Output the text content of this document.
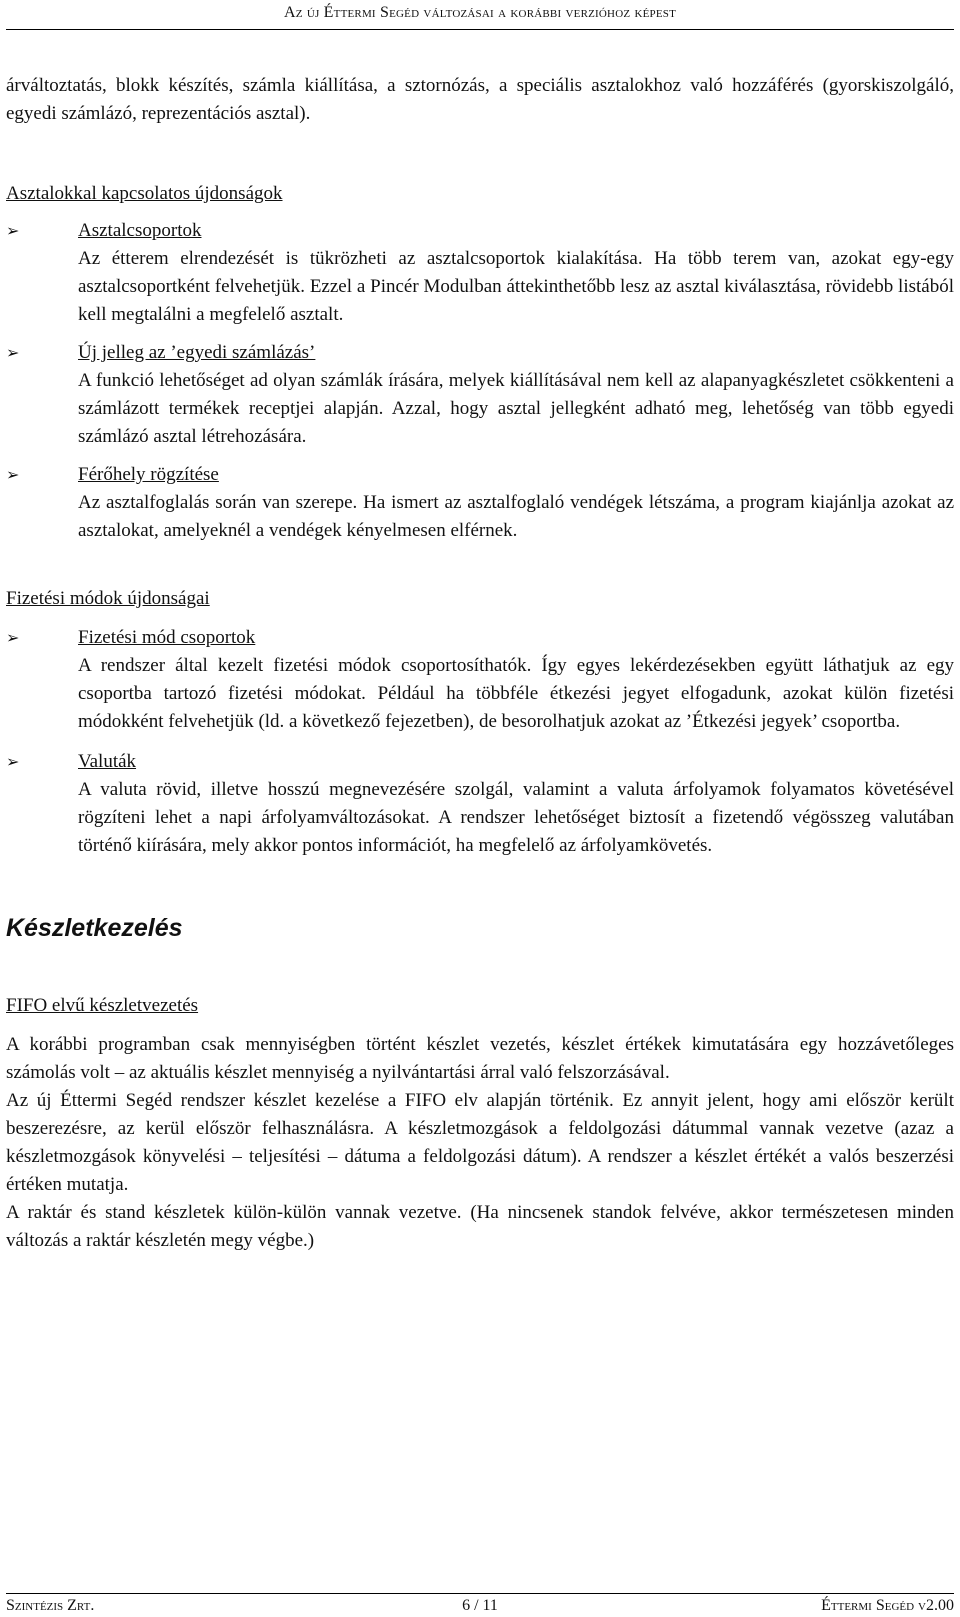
Az új Éttermi Segéd változásai a korábbi verzióhoz képest

árváltoztatás, blokk készítés, számla kiállítása, a sztornózás, a speciális asztalokhoz való hozzáférés (gyorskiszolgáló, egyedi számlázó, reprezentációs asztal).

Asztalokkal kapcsolatos újdonságok
➢	Asztalcsoportok

Az étterem elrendezését is tükrözheti az asztalcsoportok kialakítása. Ha több terem van, azokat egy-egy asztalcsoportként felvehetjük. Ezzel a Pincér Modulban áttekinthetőbb lesz az asztal kiválasztása, rövidebb listából kell megtalálni a megfelelő asztalt.

➢	Új jelleg az ’egyedi számlázás’

A funkció lehetőséget ad olyan számlák írására, melyek kiállításával nem kell az alapanyagkészletet csökkenteni a számlázott termékek receptjei alapján. Azzal, hogy asztal jellegként adható meg, lehetőség van több egyedi számlázó asztal létrehozására.

➢	Férőhely rögzítése

Az asztalfoglalás során van szerepe. Ha ismert az asztalfoglaló vendégek létszáma, a program kiajánlja azokat az asztalokat, amelyeknél a vendégek kényelmesen elférnek.

Fizetési módok újdonságai
➢	Fizetési mód csoportok

A rendszer által kezelt fizetési módok csoportosíthatók. Így egyes lekérdezésekben együtt láthatjuk az egy csoportba tartozó fizetési módokat. Például ha többféle étkezési jegyet elfogadunk, azokat külön fizetési módokként felvehetjük (ld. a következő fejezetben), de besorolhatjuk azokat az ’Étkezési jegyek’ csoportba.

➢	Valuták

A valuta rövid, illetve hosszú megnevezésére szolgál, valamint a valuta árfolyamok folyamatos követésével rögzíteni lehet a napi árfolyamváltozásokat. A rendszer lehetőséget biztosít a fizetendő végösszeg valutában történő kiírására, mely akkor pontos információt, ha megfelelő az árfolyamkövetés.

Készletkezelés
FIFO elvű készletvezetés

A korábbi programban csak mennyiségben történt készlet vezetés, készlet értékek kimutatására egy hozzávetőleges számolás volt – az aktuális készlet mennyiség a nyilvántartási árral való felszorzásával.

Az új Éttermi Segéd rendszer készlet kezelése a FIFO elv alapján történik. Ez annyit jelent, hogy ami először került beszerezésre, az kerül először felhasználásra. A készletmozgások a feldolgozási dátummal vannak vezetve (azaz a készletmozgások könyvelési – teljesítési – dátuma a feldolgozási dátum). A rendszer a készlet értékét a valós beszerzési értéken mutatja.

A raktár és stand készletek külön-külön vannak vezetve. (Ha nincsenek standok felvéve, akkor természetesen minden változás a raktár készletén megy végbe.)

Szintézis Zrt.	6 / 11	Éttermi Segéd v2.00
